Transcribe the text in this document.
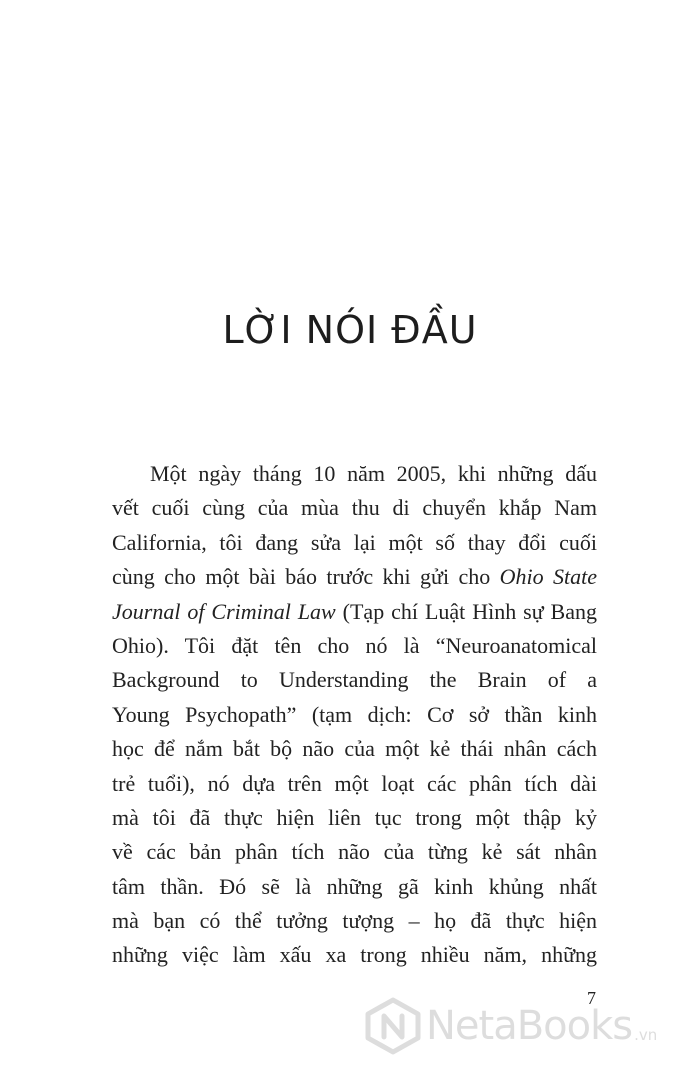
LỜI NÓI ĐẦU
Một ngày tháng 10 năm 2005, khi những dấu
vết cuối cùng của mùa thu di chuyển khắp Nam
California, tôi đang sửa lại một số thay đổi cuối
cùng cho một bài báo trước khi gửi cho Ohio State
Journal of Criminal Law (Tạp chí Luật Hình sự Bang
Ohio). Tôi đặt tên cho nó là “Neuroanatomical
Background to Understanding the Brain of a
Young Psychopath” (tạm dịch: Cơ sở thần kinh
học để nắm bắt bộ não của một kẻ thái nhân cách
trẻ tuổi), nó dựa trên một loạt các phân tích dài
mà tôi đã thực hiện liên tục trong một thập kỷ
về các bản phân tích não của từng kẻ sát nhân
tâm thần. Đó sẽ là những gã kinh khủng nhất
mà bạn có thể tưởng tượng – họ đã thực hiện
những việc làm xấu xa trong nhiều năm, những
7
NetaBooks .vn
